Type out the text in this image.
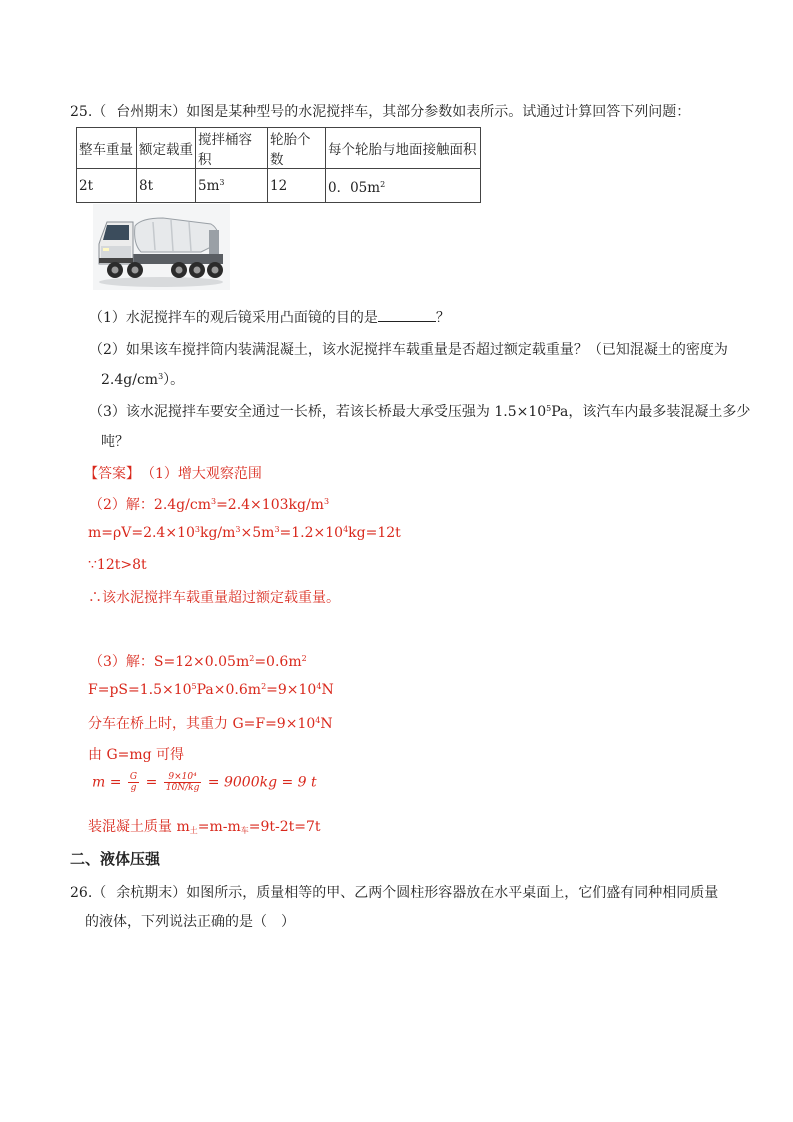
25.（ 台州期末）如图是某种型号的水泥搅拌车，其部分参数如表所示。试通过计算回答下列问题：
整车重量	额定载重	搅拌桶容积	轮胎个数	每个轮胎与地面接触面积
2t	8t	$5m^3$	12	0．$05m^2$
（1）水泥搅拌车的观后镜采用凸面镜的目的是	？
（2）如果该车搅拌筒内装满混凝土，该水泥搅拌车载重量是否超过额定载重量？（已知混凝土的密度为
$2.4g/cm^3$）。
（3）该水泥搅拌车要安全通过一长桥，若该长桥最大承受压强为 $1.5\times 10^5Pa$，该汽车内最多装混凝土多少
吨？
【答案】 （1）增大观察范围
（2）解：$2.4g/cm^3=2.4\times 103kg/m^3$
$m=\rho V=2.4\times 10^3kg/m^3\times 5m^3=1.2\times 10^4kg=12t$
∵12t>8t
∴该水泥搅拌车载重量超过额定载重量。
（3）解：$S=12\times 0.05m^2=0.6m^2$
$F=pS=1.5\times 10^5Pa\times 0.6m^2=9\times 10^4N$
分车在桥上时，其重力 $G=F=9\times 10^4N$
由 G=mg 可得
$m = \frac{G}{g} = \frac{\text{9×10⁴}}{10N/kg} = 9000kg = 9$ t
装混凝土质量 $m_土=m-m_车=9t-2t=7t$
二、液体压强
26.（ 余杭期末）如图所示，质量相等的甲、乙两个圆柱形容器放在水平桌面上，它们盛有同种相同质量
的液体，下列说法正确的是（　）
